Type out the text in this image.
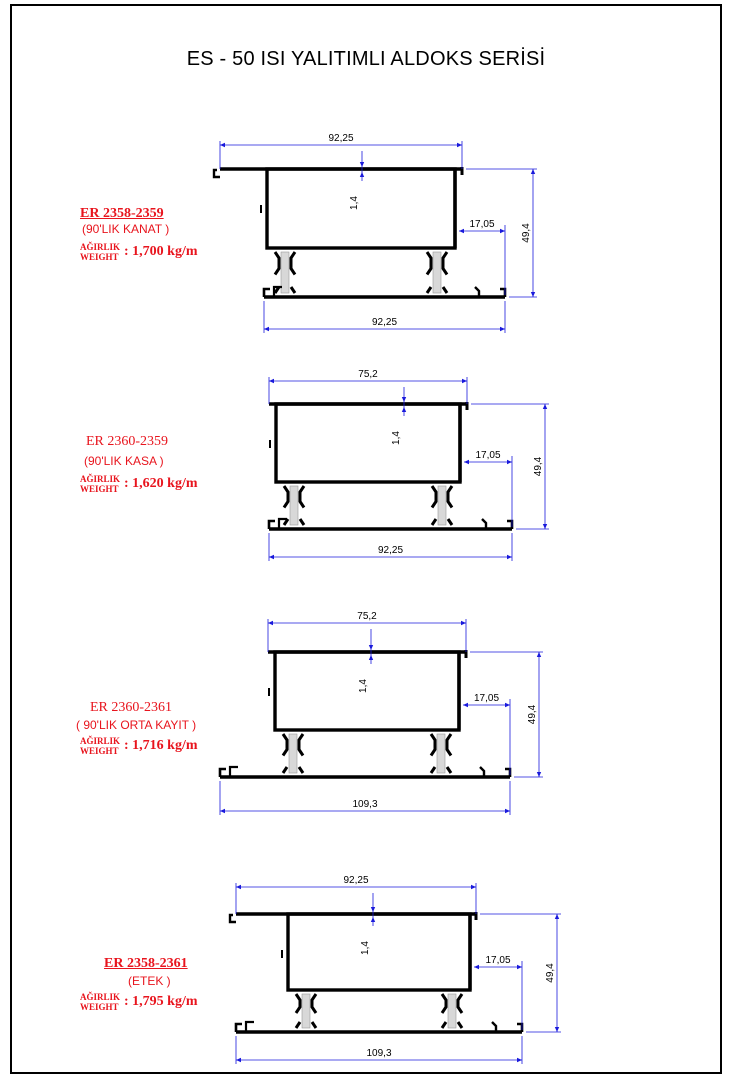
ES - 50 ISI YALITIMLI ALDOKS SERİSİ
ER 2358-2359
(90'LIK KANAT )
AĞIRLIK
WEIGHT : 1,700 kg/m
ER 2360-2359
(90'LIK KASA )
AĞIRLIK
WEIGHT : 1,620 kg/m
ER 2360-2361
( 90'LIK ORTA KAYIT )
AĞIRLIK
WEIGHT : 1,716 kg/m
ER 2358-2361
(ETEK )
AĞIRLIK
WEIGHT : 1,795 kg/m
92,25
92,25
1,4
17,05	49,4
75,2
92,25
1,4
17,05
49,4
75,2
109,3
1,4
17,05
49,4
92,25
109,3
1,4
17,05
49,4
